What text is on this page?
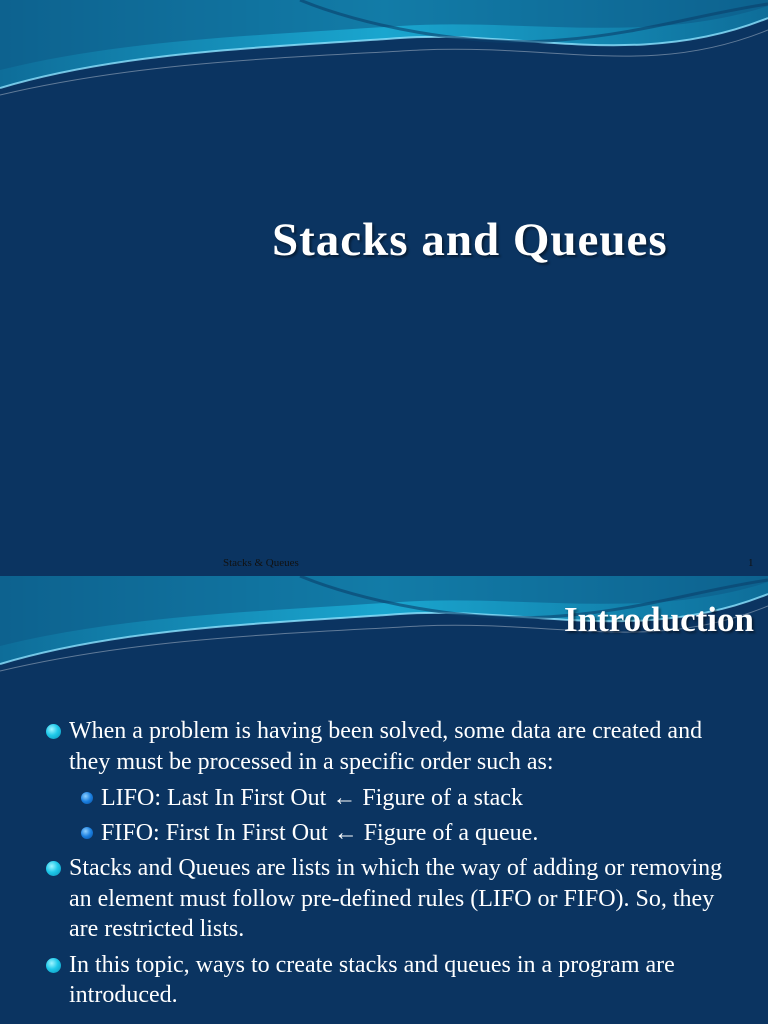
Stacks and Queues
Stacks & Queues	1
Introduction
When a problem is having been solved, some data are created and they must be processed in a specific order such as:
LIFO: Last In First Out ← Figure of a stack
FIFO: First In First Out ← Figure of a queue.
Stacks and Queues are lists in which the way of adding or removing an element must follow pre-defined rules (LIFO or FIFO). So, they are restricted lists.
In this topic, ways to create stacks and queues in a program are introduced.
